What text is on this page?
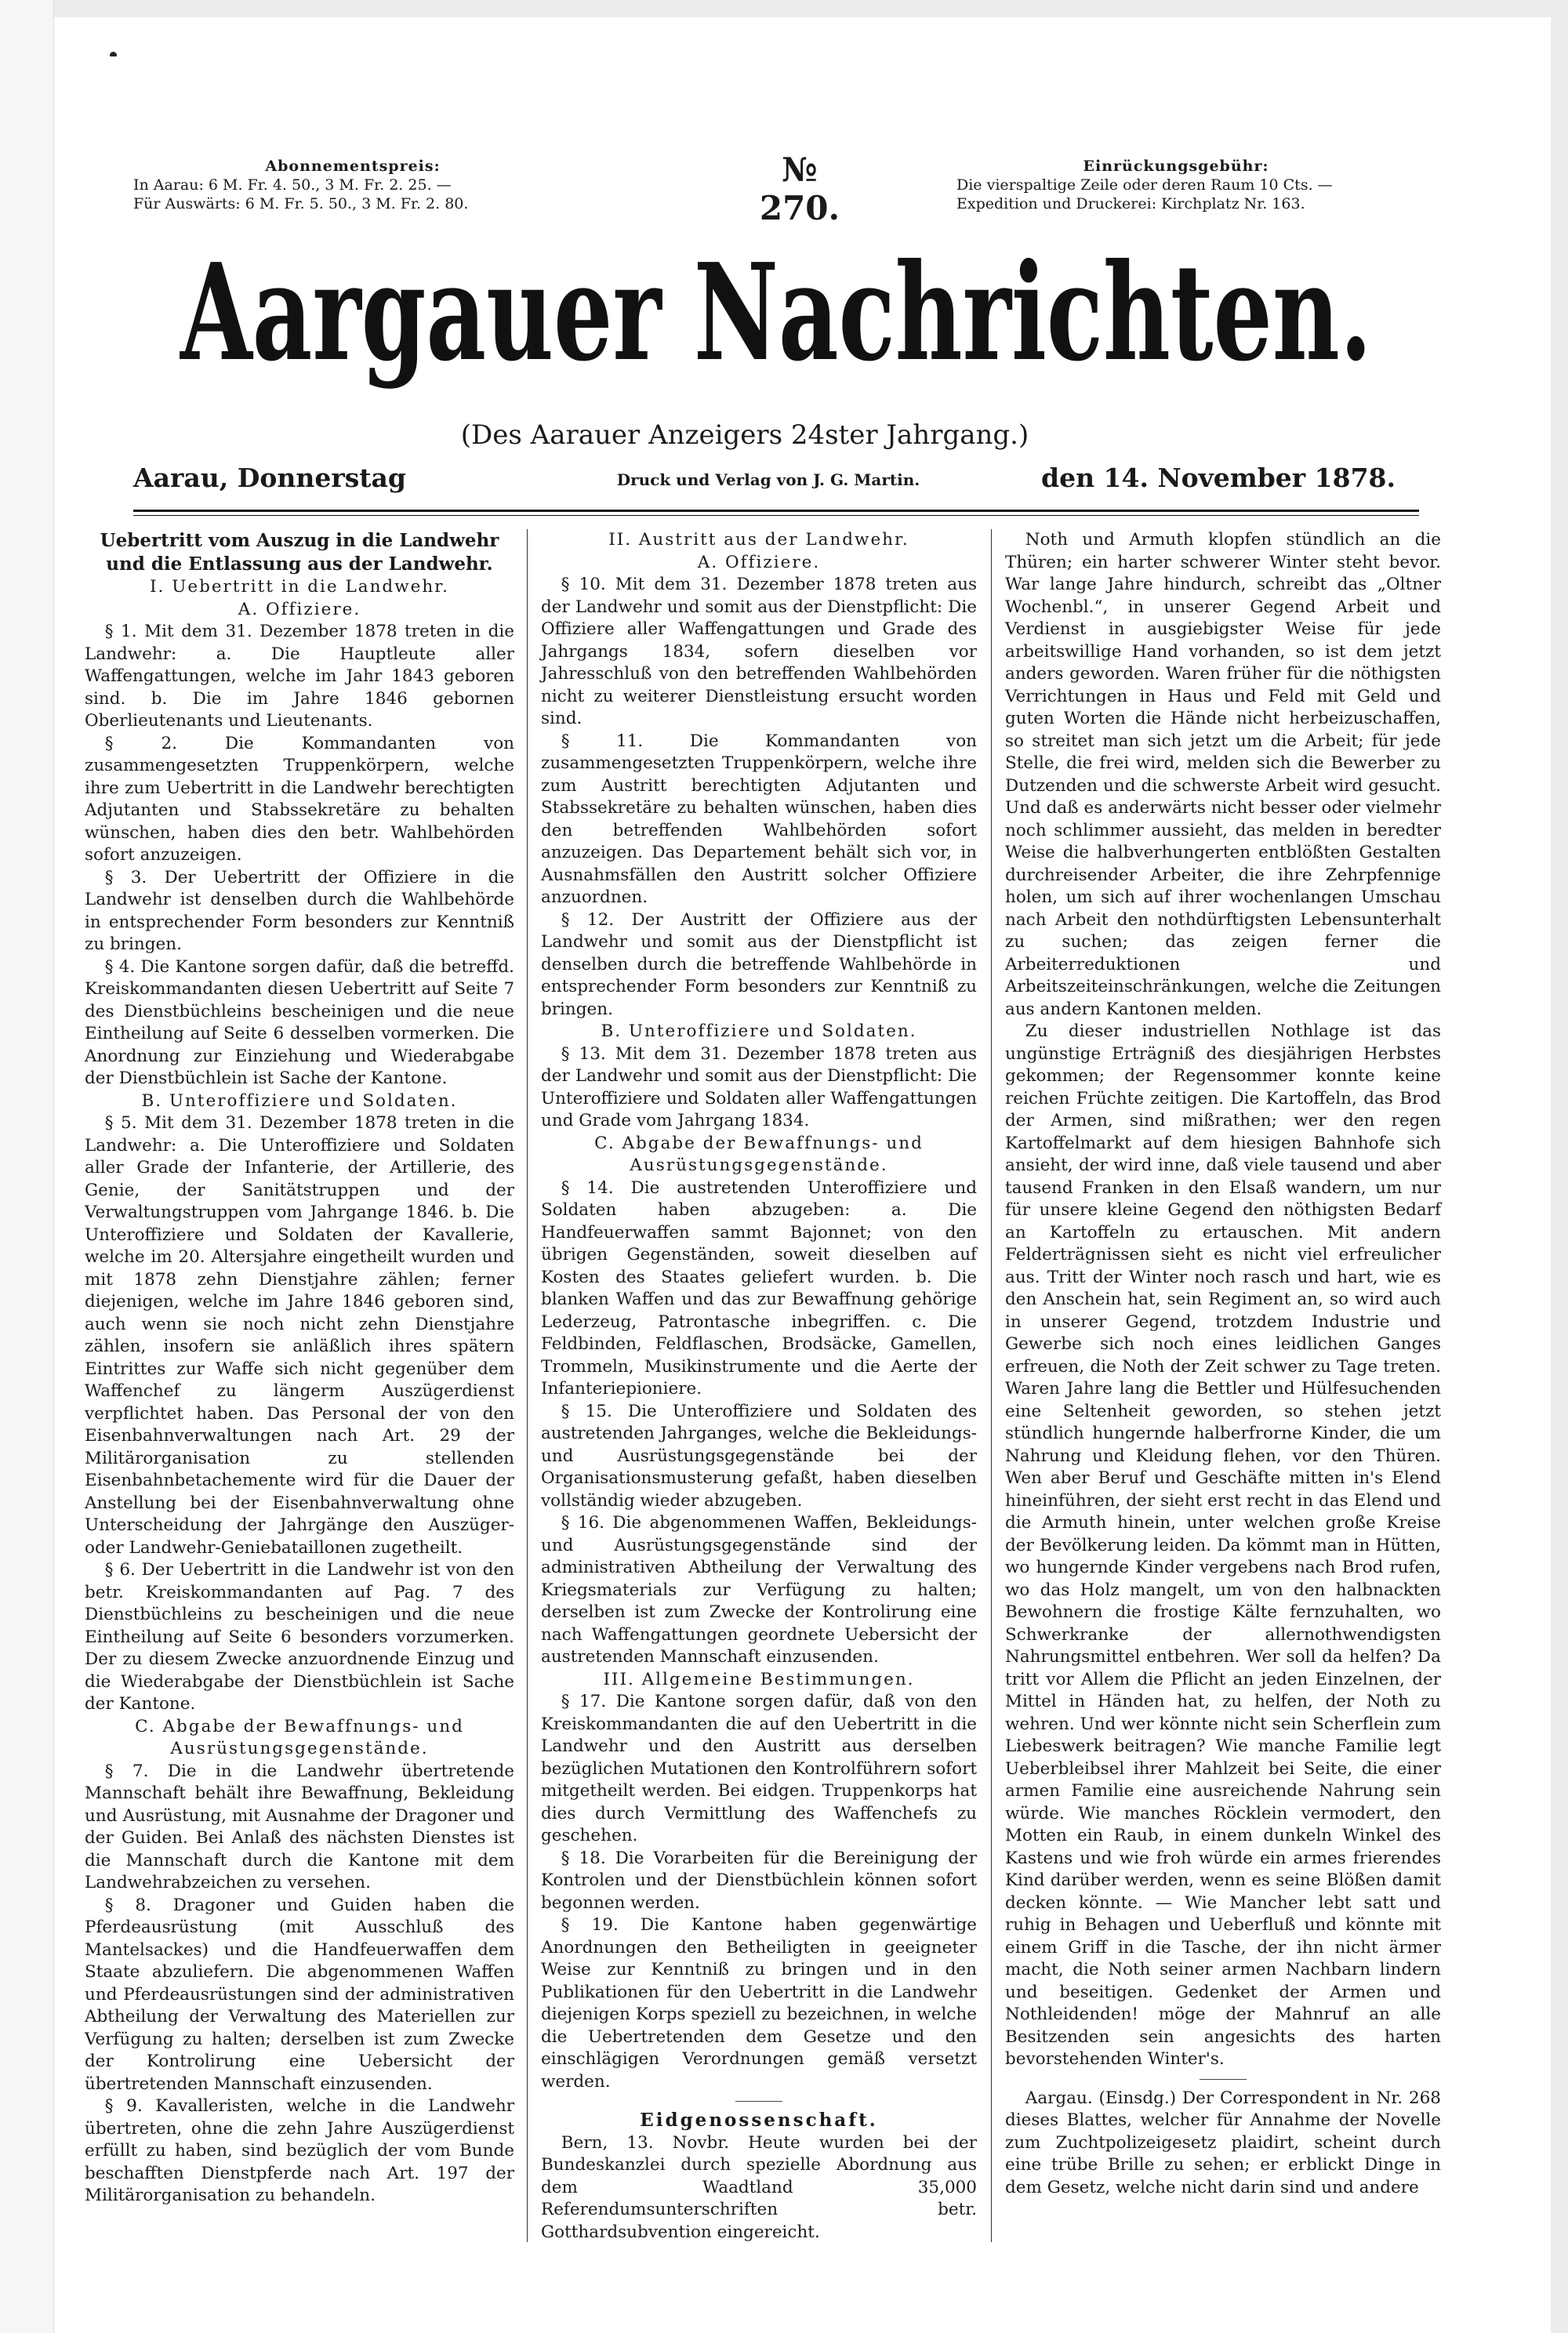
Abonnementspreis:
In Aarau: 6 M. Fr. 4. 50., 3 M. Fr. 2. 25. —
Für Auswärts: 6 M. Fr. 5. 50., 3 M. Fr. 2. 80.
№ 270.
Einrückungsgebühr:
Die vierspaltige Zeile oder deren Raum 10 Cts. —
Expedition und Druckerei: Kirchplatz Nr. 163.
Aargauer Nachrichten.
(Des Aarauer Anzeigers 24ster Jahrgang.)
Aarau, Donnerstag	Druck und Verlag von J. G. Martin.	den 14. November 1878.

Uebertritt vom Auszug in die Landwehr und die Entlassung aus der Landwehr.

I. Uebertritt in die Landwehr.

A. Offiziere.

§ 1. Mit dem 31. Dezember 1878 treten in die Landwehr: a. Die Hauptleute aller Waffengattungen, welche im Jahr 1843 geboren sind. b. Die im Jahre 1846 gebornen Oberlieutenants und Lieutenants.

§ 2. Die Kommandanten von zusammengesetzten Truppenkörpern, welche ihre zum Uebertritt in die Landwehr berechtigten Adjutanten und Stabssekretäre zu behalten wünschen, haben dies den betr. Wahlbehörden sofort anzuzeigen.

§ 3. Der Uebertritt der Offiziere in die Landwehr ist denselben durch die Wahlbehörde in entsprechender Form besonders zur Kenntniß zu bringen.

§ 4. Die Kantone sorgen dafür, daß die betreffd. Kreiskommandanten diesen Uebertritt auf Seite 7 des Dienstbüchleins bescheinigen und die neue Eintheilung auf Seite 6 desselben vormerken. Die Anordnung zur Einziehung und Wiederabgabe der Dienstbüchlein ist Sache der Kantone.

B. Unteroffiziere und Soldaten.

§ 5. Mit dem 31. Dezember 1878 treten in die Landwehr: a. Die Unteroffiziere und Soldaten aller Grade der Infanterie, der Artillerie, des Genie, der Sanitätstruppen und der Verwaltungstruppen vom Jahrgange 1846. b. Die Unteroffiziere und Soldaten der Kavallerie, welche im 20. Altersjahre eingetheilt wurden und mit 1878 zehn Dienstjahre zählen; ferner diejenigen, welche im Jahre 1846 geboren sind, auch wenn sie noch nicht zehn Dienstjahre zählen, insofern sie anläßlich ihres spätern Eintrittes zur Waffe sich nicht gegenüber dem Waffenchef zu längerm Auszügerdienst verpflichtet haben. Das Personal der von den Eisenbahnverwaltungen nach Art. 29 der Militärorganisation zu stellenden Eisenbahnbetachemente wird für die Dauer der Anstellung bei der Eisenbahnverwaltung ohne Unterscheidung der Jahrgänge den Auszüger- oder Landwehr-Geniebataillonen zugetheilt.

§ 6. Der Uebertritt in die Landwehr ist von den betr. Kreiskommandanten auf Pag. 7 des Dienstbüchleins zu bescheinigen und die neue Eintheilung auf Seite 6 besonders vorzumerken. Der zu diesem Zwecke anzuordnende Einzug und die Wiederabgabe der Dienstbüchlein ist Sache der Kantone.

C. Abgabe der Bewaffnungs- und Ausrüstungsgegenstände.

§ 7. Die in die Landwehr übertretende Mannschaft behält ihre Bewaffnung, Bekleidung und Ausrüstung, mit Ausnahme der Dragoner und der Guiden. Bei Anlaß des nächsten Dienstes ist die Mannschaft durch die Kantone mit dem Landwehrabzeichen zu versehen.

§ 8. Dragoner und Guiden haben die Pferdeausrüstung (mit Ausschluß des Mantelsackes) und die Handfeuerwaffen dem Staate abzuliefern. Die abgenommenen Waffen und Pferdeausrüstungen sind der administrativen Abtheilung der Verwaltung des Materiellen zur Verfügung zu halten; derselben ist zum Zwecke der Kontrolirung eine Uebersicht der übertretenden Mannschaft einzusenden.

§ 9. Kavalleristen, welche in die Landwehr übertreten, ohne die zehn Jahre Auszügerdienst erfüllt zu haben, sind bezüglich der vom Bunde beschafften Dienstpferde nach Art. 197 der Militärorganisation zu behandeln.

II. Austritt aus der Landwehr.

A. Offiziere.

§ 10. Mit dem 31. Dezember 1878 treten aus der Landwehr und somit aus der Dienstpflicht: Die Offiziere aller Waffengattungen und Grade des Jahrgangs 1834, sofern dieselben vor Jahresschluß von den betreffenden Wahlbehörden nicht zu weiterer Dienstleistung ersucht worden sind.

§ 11. Die Kommandanten von zusammengesetzten Truppenkörpern, welche ihre zum Austritt berechtigten Adjutanten und Stabssekretäre zu behalten wünschen, haben dies den betreffenden Wahlbehörden sofort anzuzeigen. Das Departement behält sich vor, in Ausnahmsfällen den Austritt solcher Offiziere anzuordnen.

§ 12. Der Austritt der Offiziere aus der Landwehr und somit aus der Dienstpflicht ist denselben durch die betreffende Wahlbehörde in entsprechender Form besonders zur Kenntniß zu bringen.

B. Unteroffiziere und Soldaten.

§ 13. Mit dem 31. Dezember 1878 treten aus der Landwehr und somit aus der Dienstpflicht: Die Unteroffiziere und Soldaten aller Waffengattungen und Grade vom Jahrgang 1834.

C. Abgabe der Bewaffnungs- und Ausrüstungsgegenstände.

§ 14. Die austretenden Unteroffiziere und Soldaten haben abzugeben: a. Die Handfeuerwaffen sammt Bajonnet; von den übrigen Gegenständen, soweit dieselben auf Kosten des Staates geliefert wurden. b. Die blanken Waffen und das zur Bewaffnung gehörige Lederzeug, Patrontasche inbegriffen. c. Die Feldbinden, Feldflaschen, Brodsäcke, Gamellen, Trommeln, Musikinstrumente und die Aerte der Infanteriepioniere.

§ 15. Die Unteroffiziere und Soldaten des austretenden Jahrganges, welche die Bekleidungs- und Ausrüstungsgegenstände bei der Organisationsmusterung gefaßt, haben dieselben vollständig wieder abzugeben.

§ 16. Die abgenommenen Waffen, Bekleidungs- und Ausrüstungsgegenstände sind der administrativen Abtheilung der Verwaltung des Kriegsmaterials zur Verfügung zu halten; derselben ist zum Zwecke der Kontrolirung eine nach Waffengattungen geordnete Uebersicht der austretenden Mannschaft einzusenden.

III. Allgemeine Bestimmungen.

§ 17. Die Kantone sorgen dafür, daß von den Kreiskommandanten die auf den Uebertritt in die Landwehr und den Austritt aus derselben bezüglichen Mutationen den Kontrolführern sofort mitgetheilt werden. Bei eidgen. Truppenkorps hat dies durch Vermittlung des Waffenchefs zu geschehen.

§ 18. Die Vorarbeiten für die Bereinigung der Kontrolen und der Dienstbüchlein können sofort begonnen werden.

§ 19. Die Kantone haben gegenwärtige Anordnungen den Betheiligten in geeigneter Weise zur Kenntniß zu bringen und in den Publikationen für den Uebertritt in die Landwehr diejenigen Korps speziell zu bezeichnen, in welche die Uebertretenden dem Gesetze und den einschlägigen Verordnungen gemäß versetzt werden.

Eidgenossenschaft.

Bern, 13. Novbr. Heute wurden bei der Bundeskanzlei durch spezielle Abordnung aus dem Waadtland 35,000 Referendumsunterschriften betr. Gotthardsubvention eingereicht.

Noth und Armuth klopfen stündlich an die Thüren; ein harter schwerer Winter steht bevor. War lange Jahre hindurch, schreibt das „Oltner Wochenbl.“, in unserer Gegend Arbeit und Verdienst in ausgiebigster Weise für jede arbeitswillige Hand vorhanden, so ist dem jetzt anders geworden. Waren früher für die nöthigsten Verrichtungen in Haus und Feld mit Geld und guten Worten die Hände nicht herbeizuschaffen, so streitet man sich jetzt um die Arbeit; für jede Stelle, die frei wird, melden sich die Bewerber zu Dutzenden und die schwerste Arbeit wird gesucht. Und daß es anderwärts nicht besser oder vielmehr noch schlimmer aussieht, das melden in beredter Weise die halbverhungerten entblößten Gestalten durchreisender Arbeiter, die ihre Zehrpfennige holen, um sich auf ihrer wochenlangen Umschau nach Arbeit den nothdürftigsten Lebensunterhalt zu suchen; das zeigen ferner die Arbeiterreduktionen und Arbeitszeiteinschränkungen, welche die Zeitungen aus andern Kantonen melden.

Zu dieser industriellen Nothlage ist das ungünstige Erträgniß des diesjährigen Herbstes gekommen; der Regensommer konnte keine reichen Früchte zeitigen. Die Kartoffeln, das Brod der Armen, sind mißrathen; wer den regen Kartoffelmarkt auf dem hiesigen Bahnhofe sich ansieht, der wird inne, daß viele tausend und aber tausend Franken in den Elsaß wandern, um nur für unsere kleine Gegend den nöthigsten Bedarf an Kartoffeln zu ertauschen. Mit andern Felderträgnissen sieht es nicht viel erfreulicher aus. Tritt der Winter noch rasch und hart, wie es den Anschein hat, sein Regiment an, so wird auch in unserer Gegend, trotzdem Industrie und Gewerbe sich noch eines leidlichen Ganges erfreuen, die Noth der Zeit schwer zu Tage treten. Waren Jahre lang die Bettler und Hülfesuchenden eine Seltenheit geworden, so stehen jetzt stündlich hungernde halberfrorne Kinder, die um Nahrung und Kleidung flehen, vor den Thüren. Wen aber Beruf und Geschäfte mitten in's Elend hineinführen, der sieht erst recht in das Elend und die Armuth hinein, unter welchen große Kreise der Bevölkerung leiden. Da kömmt man in Hütten, wo hungernde Kinder vergebens nach Brod rufen, wo das Holz mangelt, um von den halbnackten Bewohnern die frostige Kälte fernzuhalten, wo Schwerkranke der allernothwendigsten Nahrungsmittel entbehren. Wer soll da helfen? Da tritt vor Allem die Pflicht an jeden Einzelnen, der Mittel in Händen hat, zu helfen, der Noth zu wehren. Und wer könnte nicht sein Scherflein zum Liebeswerk beitragen? Wie manche Familie legt Ueberbleibsel ihrer Mahlzeit bei Seite, die einer armen Familie eine ausreichende Nahrung sein würde. Wie manches Röcklein vermodert, den Motten ein Raub, in einem dunkeln Winkel des Kastens und wie froh würde ein armes frierendes Kind darüber werden, wenn es seine Blößen damit decken könnte. — Wie Mancher lebt satt und ruhig in Behagen und Ueberfluß und könnte mit einem Griff in die Tasche, der ihn nicht ärmer macht, die Noth seiner armen Nachbarn lindern und beseitigen. Gedenket der Armen und Nothleidenden! möge der Mahnruf an alle Besitzenden sein angesichts des harten bevorstehenden Winter's.

Aargau. (Einsdg.) Der Correspondent in Nr. 268 dieses Blattes, welcher für Annahme der Novelle zum Zuchtpolizeigesetz plaidirt, scheint durch eine trübe Brille zu sehen; er erblickt Dinge in dem Gesetz, welche nicht darin sind und andere
